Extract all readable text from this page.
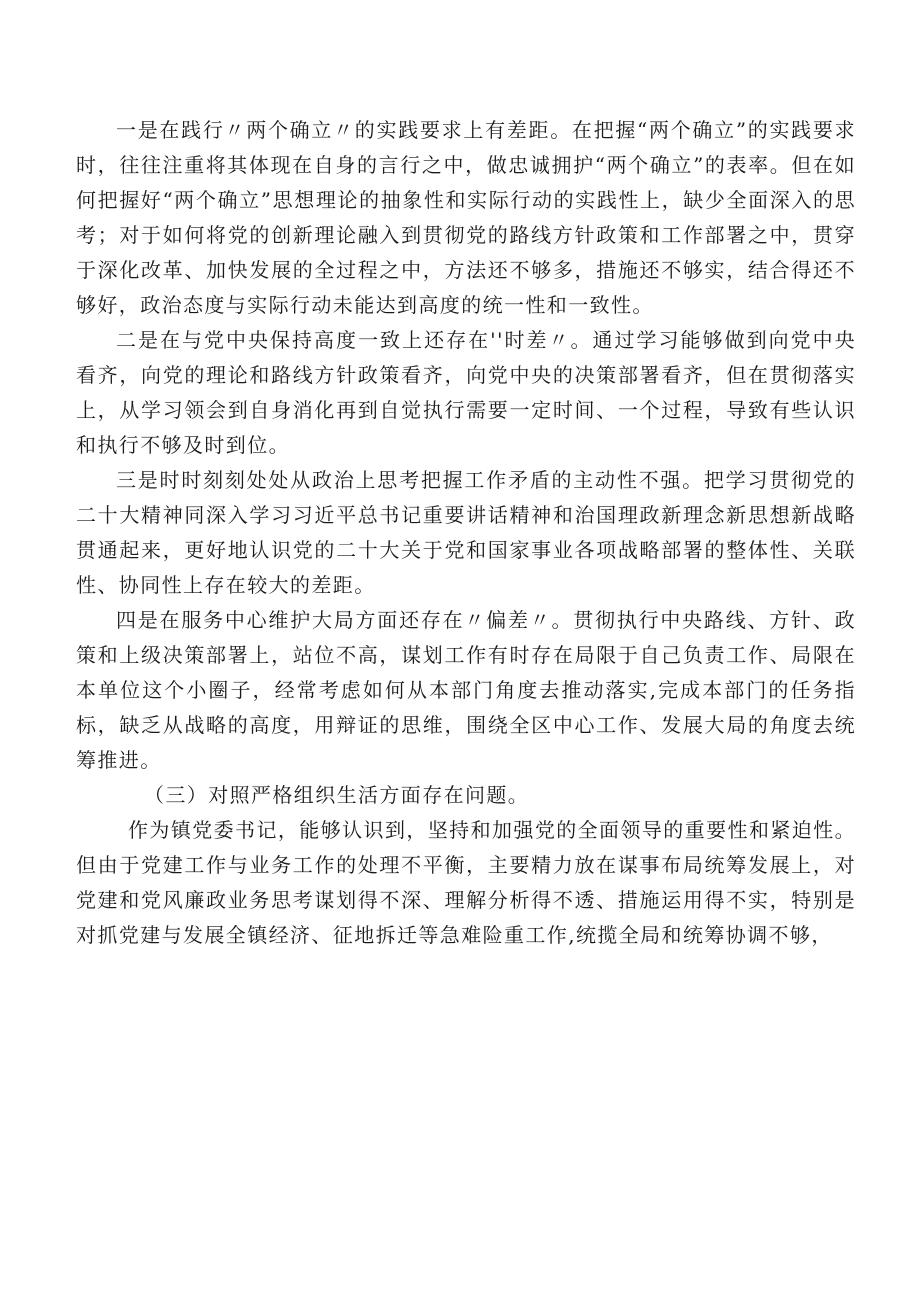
一是在践行〃两个确立〃的实践要求上有差距。在把握“两个确立”的实践要求时，往往注重将其体现在自身的言行之中，做忠诚拥护“两个确立”的表率。但在如何把握好“两个确立”思想理论的抽象性和实际行动的实践性上，缺少全面深入的思考；对于如何将党的创新理论融入到贯彻党的路线方针政策和工作部署之中，贯穿于深化改革、加快发展的全过程之中，方法还不够多，措施还不够实，结合得还不够好，政治态度与实际行动未能达到高度的统一性和一致性。

二是在与党中央保持高度一致上还存在''时差〃。通过学习能够做到向党中央看齐，向党的理论和路线方针政策看齐，向党中央的决策部署看齐，但在贯彻落实上，从学习领会到自身消化再到自觉执行需要一定时间、一个过程，导致有些认识和执行不够及时到位。

三是时时刻刻处处从政治上思考把握工作矛盾的主动性不强。把学习贯彻党的二十大精神同深入学习习近平总书记重要讲话精神和治国理政新理念新思想新战略贯通起来，更好地认识党的二十大关于党和国家事业各项战略部署的整体性、关联性、协同性上存在较大的差距。

四是在服务中心维护大局方面还存在〃偏差〃。贯彻执行中央路线、方针、政策和上级决策部署上，站位不高，谋划工作有时存在局限于自己负责工作、局限在本单位这个小圈子，经常考虑如何从本部门角度去推动落实,完成本部门的任务指标，缺乏从战略的高度，用辩证的思维，围绕全区中心工作、发展大局的角度去统筹推进。

（三）对照严格组织生活方面存在问题。

作为镇党委书记，能够认识到，坚持和加强党的全面领导的重要性和紧迫性。但由于党建工作与业务工作的处理不平衡，主要精力放在谋事布局统筹发展上，对党建和党风廉政业务思考谋划得不深、理解分析得不透、措施运用得不实，特别是对抓党建与发展全镇经济、征地拆迁等急难险重工作,统揽全局和统筹协调不够，
